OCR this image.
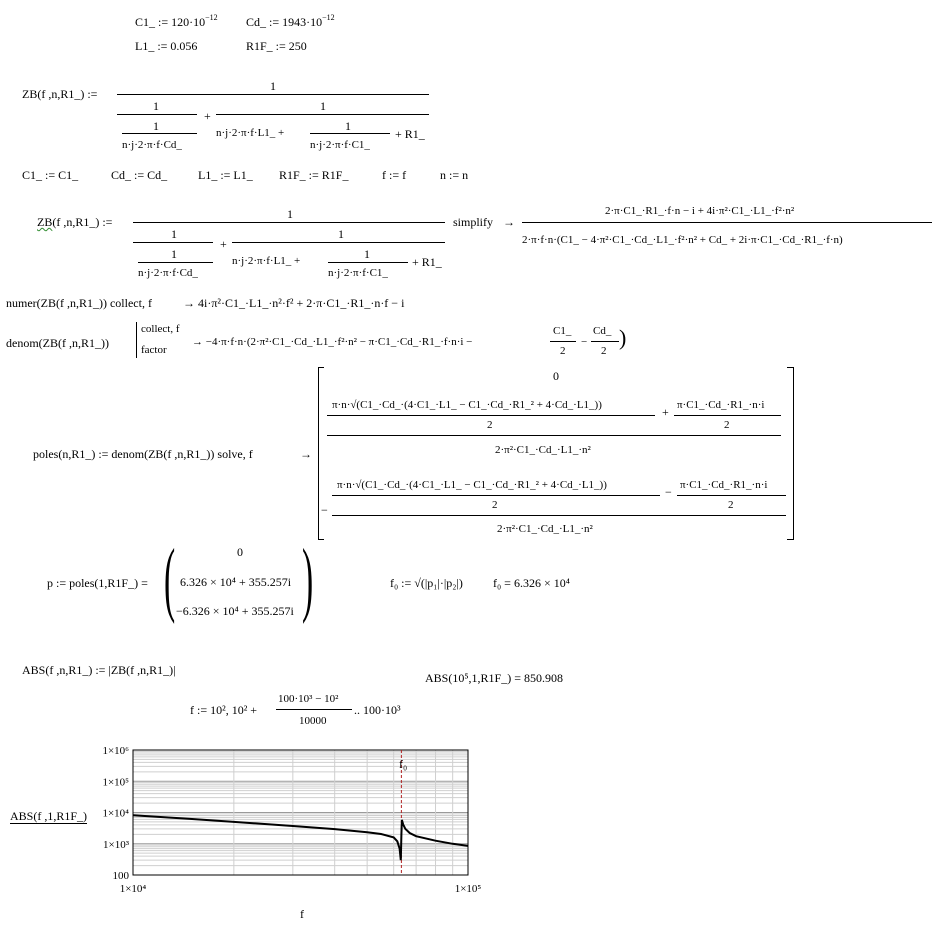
C1_ := $120\cdot 10^{-12}$ Cd_ := $1943\cdot 10^{-12}$
L1_ := 0.056	R1F_ := 250
ZB(f ,n,R1_) :=
1
1
1
n·j·2·π·f·Cd_
+
1
n·j·2·π·f·L1_ +	1
n·j·2·π·f·C1_
+ R1_
C1_ := C1_	Cd_ := Cd_	L1_ := L1_ R1F_ := R1F_	f := f	n := n
ZB(f ,n,R1_) :=
1
1
1
n·j·2·π·f·Cd_
+
1
n·j·2·π·f·L1_ +	1
n·j·2·π·f·C1_
+ R1_
simplify →
2·π·C1_·R1_·f·n − i + 4i·π²·C1_·L1_·f²·n²
2·π·f·n·(C1_ − 4·π²·C1_·Cd_·L1_·f²·n² + Cd_ + 2i·π·C1_·Cd_·R1_·f·n)
numer(ZB(f ,n,R1_)) collect, f	→ 4i·π²·C1_·L1_·n²·f² + 2·π·C1_·R1_·n·f − i
denom(ZB(f ,n,R1_))
collect, f
factor
→ −4·π·f·n·(2·π²·C1_·Cd_·L1_·f²·n² − π·C1_·Cd_·R1_·f·n·i −
C1_
2
−
Cd_
2
)
poles(n,R1_) := denom(ZB(f ,n,R1_)) solve, f	→
0
π·n·√(C1_·Cd_·(4·C1_·L1_ − C1_·Cd_·R1_² + 4·Cd_·L1_))
2
+ π·C1_·Cd_·R1_·n·i
2
2·π²·C1_·Cd_·L1_·n²
−
π·n·√(C1_·Cd_·(4·C1_·L1_ − C1_·Cd_·R1_² + 4·Cd_·L1_))
2
− π·C1_·Cd_·R1_·n·i
2
2·π²·C1_·Cd_·L1_·n²
p := poles(1,R1F_) = (	0
6.326 × 10⁴ + 355.257i
−6.326 × 10⁴ + 355.257i )	f₀ := √(|p₁|·|p₂|)	f₀ = 6.326 × 10⁴
ABS(f ,n,R1_) := |ZB(f ,n,R1_)|
ABS(10⁵,1,R1F_) = 850.908
f := 10², 10² +
100·10³ − 10²
10000
.. 100·10³
100
1×10³
1×10⁴
1×10⁵
1×10⁶
1×10⁴	1×10⁵
f₀
ABS(f ,1,R1F_)
f
